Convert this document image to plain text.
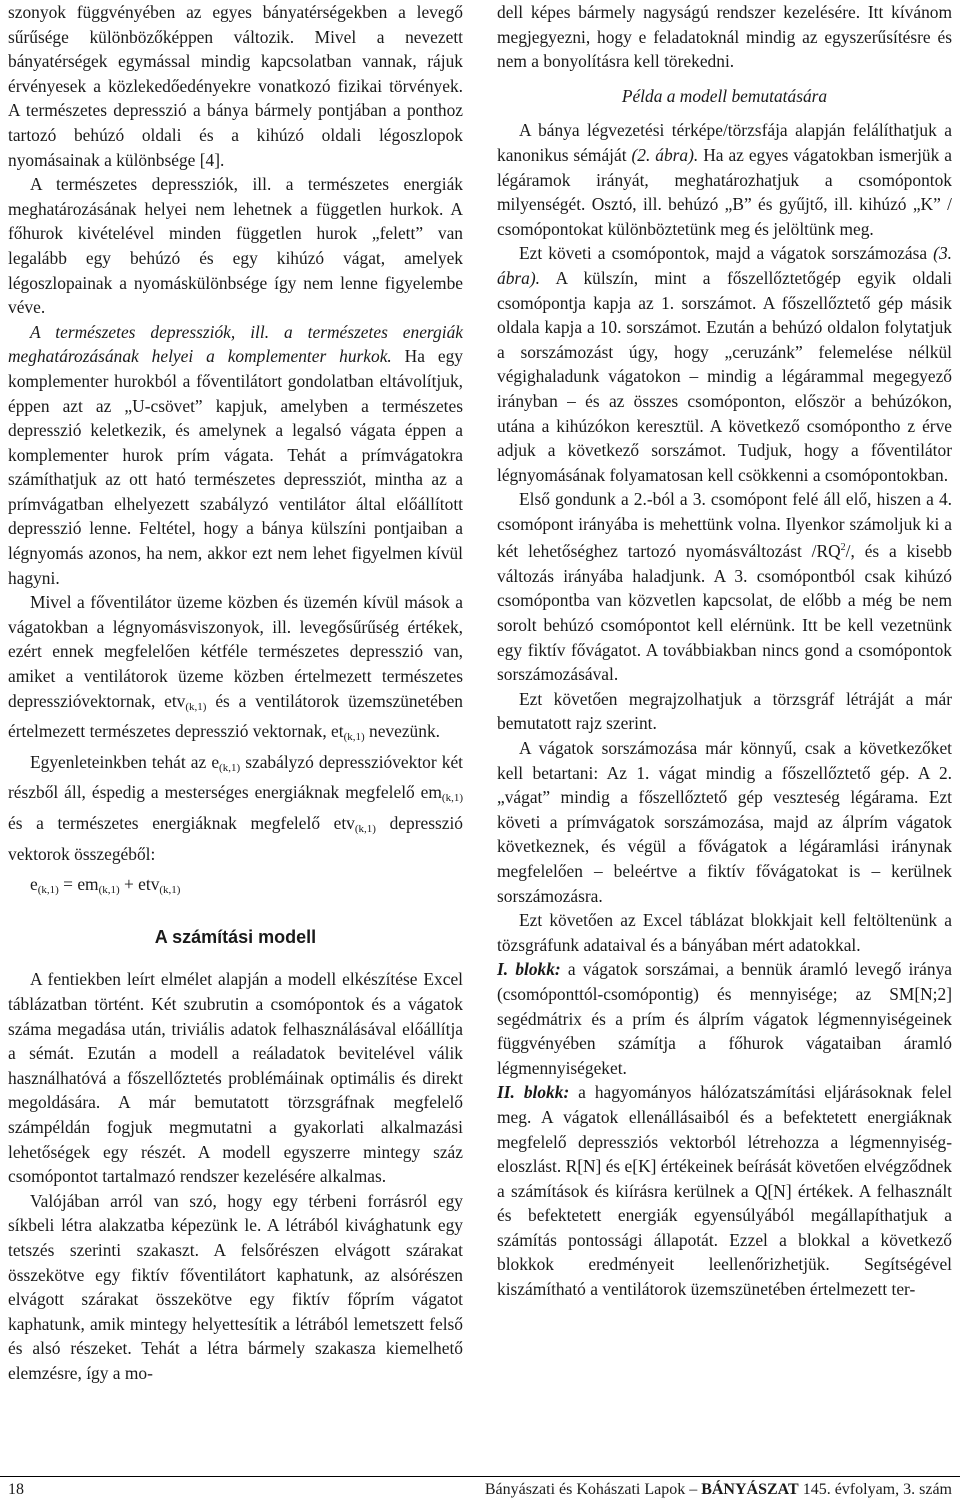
szonyok függvényében az egyes bányatérségekben a levegő sűrűsége különbözőképpen változik. Mivel a nevezett bányatérségek egymással mindig kapcsolatban vannak, rájuk érvényesek a közlekedőedényekre vonatkozó fizikai törvények. A természetes depresszió a bánya bármely pontjában a ponthoz tartozó behúzó oldali és a kihúzó oldali légoszlopok nyomásainak a különbsége [4].

A természetes depressziók, ill. a természetes energiák meghatározásának helyei nem lehetnek a független hurkok. A főhurok kivételével minden független hurok „felett” van legalább egy behúzó és egy kihúzó vágat, amelyek légoszlopainak a nyomáskülönbsége így nem lenne figyelembe véve.

A természetes depressziók, ill. a természetes energiák meghatározásának helyei a komplementer hurkok. Ha egy komplementer hurokból a főventilátort gondolatban eltávolítjuk, éppen azt az „U-csövet” kapjuk, amelyben a természetes depresszió keletkezik, és amelynek a legalsó vágata éppen a komplementer hurok prím vágata. Tehát a prímvágatokra számíthatjuk az ott ható természetes depressziót, mintha az a prímvágatban elhelyezett szabályzó ventilátor által előállított depresszió lenne. Feltétel, hogy a bánya külszíni pontjaiban a légnyomás azonos, ha nem, akkor ezt nem lehet figyelmen kívül hagyni.

Mivel a főventilátor üzeme közben és üzemén kívül mások a vágatokban a légnyomásviszonyok, ill. levegősűrűség értékek, ezért ennek megfelelően kétféle természetes depresszió van, amiket a ventilátorok üzeme közben értelmezett természetes depresszióvektornak, etv$_{(k,1)}$ és a ventilátorok üzemszünetében értelmezett természetes depresszió vektornak, $et_{(k,1)}$ nevezünk.

Egyenleteinkben tehát az $e_{(k,1)}$ szabályzó depresszióvektor két részből áll, éspedig a mesterséges energiáknak megfelelő $em_{(k,1)}$ és a természetes energiáknak megfelelő etv$_{(k,1)}$ depresszió vektorok összegéből:

$e_{(k,1)} = em_{(k,1)} + etv_{(k,1)}$

A számítási modell

A fentiekben leírt elmélet alapján a modell elkészítése Excel táblázatban történt. Két szubrutin a csomópontok és a vágatok száma megadása után, triviális adatok felhasználásával előállítja a sémát. Ezután a modell a reáladatok bevitelével válik használhatóvá a főszellőztetés problémáinak optimális és direkt megoldására. A már bemutatott törzsgráfnak megfelelő számpéldán fogjuk megmutatni a gyakorlati alkalmazási lehetőségek egy részét. A modell egyszerre mintegy száz csomópontot tartalmazó rendszer kezelésére alkalmas.

Valójában arról van szó, hogy egy térbeni forrásról egy síkbeli létra alakzatba képezünk le. A létrából kivághatunk egy tetszés szerinti szakaszt. A felsőrészen elvágott szárakat összekötve egy fiktív főventilátort kaphatunk, az alsórészen elvágott szárakat összekötve egy fiktív főprím vágatot kaphatunk, amik mintegy helyettesítik a létrából lemetszett felső és alsó részeket. Tehát a létra bármely szakasza kiemelhető elemzésre, így a mo-

dell képes bármely nagyságú rendszer kezelésére. Itt kívánom megjegyezni, hogy e feladatoknál mindig az egyszerűsítésre és nem a bonyolításra kell törekedni.

Példa a modell bemutatására

A bánya légvezetési térképe/törzsfája alapján felálíthatjuk a kanonikus sémáját (2. ábra). Ha az egyes vágatokban ismerjük a légáramok irányát, meghatározhatjuk a csomópontok milyenségét. Osztó, ill. behúzó „B” és gyűjtő, ill. kihúzó „K” / csomópontokat különböztetünk meg és jelöltünk meg.

Ezt követi a csomópontok, majd a vágatok sorszámozása (3. ábra). A külszín, mint a főszellőztetőgép egyik oldali csomópontja kapja az 1. sorszámot. A főszellőztető gép másik oldala kapja a 10. sorszámot. Ezután a behúzó oldalon folytatjuk a sorszámozást úgy, hogy „ceruzánk” felemelése nélkül végighaladunk vágatokon – mindig a légárammal megegyező irányban – és az összes csomóponton, először a behúzókon, utána a kihúzókon keresztül. A következő csomópontho z érve adjuk a következő sorszámot. Tudjuk, hogy a főventilátor légnyomásának folyamatosan kell csökkenni a csomópontokban.

Első gondunk a 2.-ból a 3. csomópont felé áll elő, hiszen a 4. csomópont irányába is mehettünk volna. Ilyenkor számoljuk ki a két lehetőséghez tartozó nyomásváltozást $/RQ^2/$, és a kisebb változás irányába haladjunk. A 3. csomópontból csak kihúzó csomópontba van közvetlen kapcsolat, de előbb a még be nem sorolt behúzó csomópontot kell elérnünk. Itt be kell vezetnünk egy fiktív fővágatot. A továbbiakban nincs gond a csomópontok sorszámozásával.

Ezt követően megrajzolhatjuk a törzsgráf létráját a már bemutatott rajz szerint.

A vágatok sorszámozása már könnyű, csak a következőket kell betartani: Az 1. vágat mindig a főszellőztető gép. A 2. „vágat” mindig a főszellőztető gép veszteség légárama. Ezt követi a prímvágatok sorszámozása, majd az álprím vágatok következnek, és végül a fővágatok a légáramlási iránynak megfelelően – beleértve a fiktív fővágatokat is – kerülnek sorszámozásra.

Ezt követően az Excel táblázat blokkjait kell feltöltenünk a tözsgráfunk adataival és a bányában mért adatokkal.

I. blokk: a vágatok sorszámai, a bennük áramló levegő iránya (csomóponttól-csomópontig) és mennyisége; az SM[N;2] segédmátrix és a prím és álprím vágatok légmennyiségeinek függvényében számítja a főhurok vágataiban áramló légmennyiségeket.

II. blokk: a hagyományos hálózatszámítási eljárásoknak felel meg. A vágatok ellenállásaiból és a befektetett energiáknak megfelelő depressziós vektorból létrehozza a légmennyiség-eloszlást. R[N] és e[K] értékeinek beírását követően elvégződnek a számítások és kiírásra kerülnek a Q[N] értékek. A felhasznált és befektetett energiák egyensúlyából megállapíthatjuk a számítás pontossági állapotát. Ezzel a blokkal a következő blokkok eredményeit leellenőrizhetjük. Segítségével kiszámítható a ventilátorok üzemszünetében értelmezett ter-

18	Bányászati és Kohászati Lapok – BÁNYÁSZAT 145. évfolyam, 3. szám
